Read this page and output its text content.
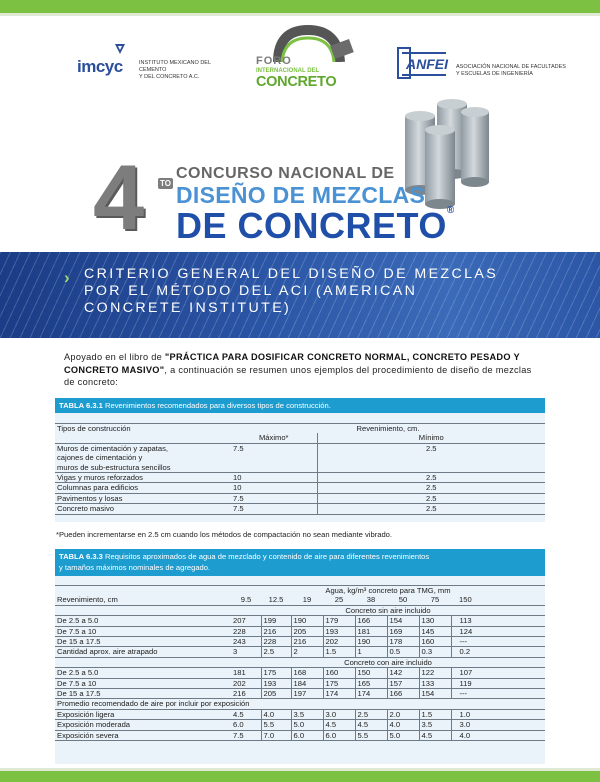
imcyc	INSTITUTO MEXICANO DEL CEMENTO
Y DEL CONCRETO A.C.
FORO
INTERNACIONAL DEL
CONCRETO
ANFEI ASOCIACIÓN NACIONAL DE FACULTADES
Y ESCUELAS DE INGENIERÍA
4 TO
CONCURSO NACIONAL DE
DISEÑO DE MEZCLAS
DE CONCRETO®
› CRITERIO GENERAL DEL DISEÑO DE MEZCLAS
POR EL MÉTODO DEL ACI (AMERICAN
CONCRETE INSTITUTE)
Apoyado en el libro de "PRÁCTICA PARA DOSIFICAR CONCRETO NORMAL, CONCRETO PESADO Y CONCRETO MASIVO", a continuación se resumen unos ejemplos del procedimiento de diseño de mezclas de concreto:
TABLA 6.3.1 Revenimientos recomendados para diversos tipos de construcción.
Tipos de construcción	Revenimiento, cm.	
	Máximo*	Mínimo

Muros de cimentación y zapatas,
cajones de cimentación y
muros de sub-estructura sencillos	7.5	2.5
Vigas y muros reforzados	10	2.5
Columnas para edificios	10	2.5
Pavimentos y losas	7.5	2.5
Concreto masivo	7.5	2.5
*Pueden incrementarse en 2.5 cm cuando los métodos de compactación no sean mediante vibrado.
TABLA 6.3.3 Requisitos aproximados de agua de mezclado y contenido de aire para diferentes revenimientos
y tamaños máximos nominales de agregado.
	Agua, kg/m³ concreto para TMG, mm							
Revenimiento, cm	9.5	12.5	19	25	38	50	75	150
	Concreto sin aire incluido							
De 2.5 a 5.0	207	199	190	179	166	154	130	113
De 7.5 a 10	228	216	205	193	181	169	145	124
De 15 a 17.5	243	228	216	202	190	178	160	---
Cantidad aprox. aire atrapado	3	2.5	2	1.5	1	0.5	0.3	0.2
	Concreto con aire incluido							
De 2.5 a 5.0	181	175	168	160	150	142	122	107
De 7.5 a 10	202	193	184	175	165	157	133	119
De 15 a 17.5	216	205	197	174	174	166	154	---
Promedio recomendado de aire por incluir por exposición								
Exposición ligera	4.5	4.0	3.5	3.0	2.5	2.0	1.5	1.0
Exposición moderada	6.0	5.5	5.0	4.5	4.5	4.0	3.5	3.0
Exposición severa	7.5	7.0	6.0	6.0	5.5	5.0	4.5	4.0
